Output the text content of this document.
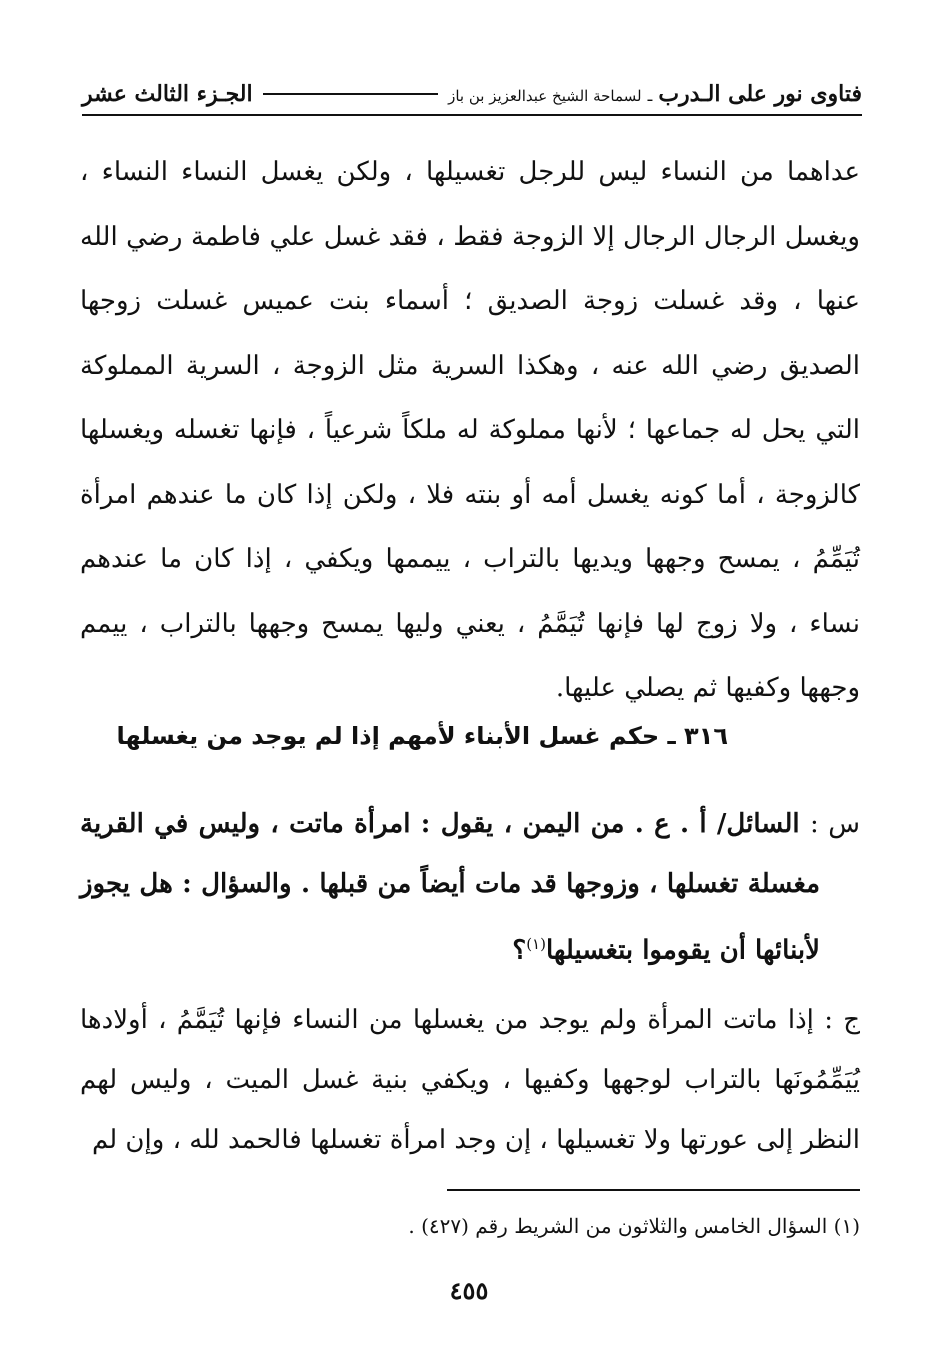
فتاوى نور على الـدرب
ـ
لسماحة الشيخ عبدالعزيز بن باز
الجـزء الثالث عشر
عداهما من النساء ليس للرجل تغسيلها ، ولكن يغسل النساء النساء ، ويغسل الرجال الرجال إلا الزوجة فقط ، فقد غسل علي فاطمة رضي الله عنها ، وقد غسلت زوجة الصديق ؛ أسماء بنت عميس غسلت زوجها الصديق رضي الله عنه ، وهكذا السرية مثل الزوجة ، السرية المملوكة التي يحل له جماعها ؛ لأنها مملوكة له ملكاً شرعياً ، فإنها تغسله ويغسلها كالزوجة ، أما كونه يغسل أمه أو بنته فلا ، ولكن إذا كان ما عندهم امرأة تُيَمِّمُ ، يمسح وجهها ويديها بالتراب ، ييممها ويكفي ، إذا كان ما عندهم نساء ، ولا زوج لها فإنها تُيَمَّمُ ، يعني وليها يمسح وجهها بالتراب ، ييمم وجهها وكفيها ثم يصلي عليها.
٣١٦ ـ حكم غسل الأبناء لأمهم إذا لم يوجد من يغسلها
س : السائل/ أ . ع . من اليمن ، يقول : امرأة ماتت ، وليس في القرية مغسلة تغسلها ، وزوجها قد مات أيضاً من قبلها . والسؤال : هل يجوز لأبنائها أن يقوموا بتغسيلها$^{(١)}$؟
ج : إذا ماتت المرأة ولم يوجد من يغسلها من النساء فإنها تُيَمَّمُ ، أولادها يُيَمِّمُونَها بالتراب لوجهها وكفيها ، ويكفي بنية غسل الميت ، وليس لهم النظر إلى عورتها ولا تغسيلها ، إن وجد امرأة تغسلها فالحمد لله ، وإن لم
(١) السؤال الخامس والثلاثون من الشريط رقم (٤٢٧) .
٤٥٥
